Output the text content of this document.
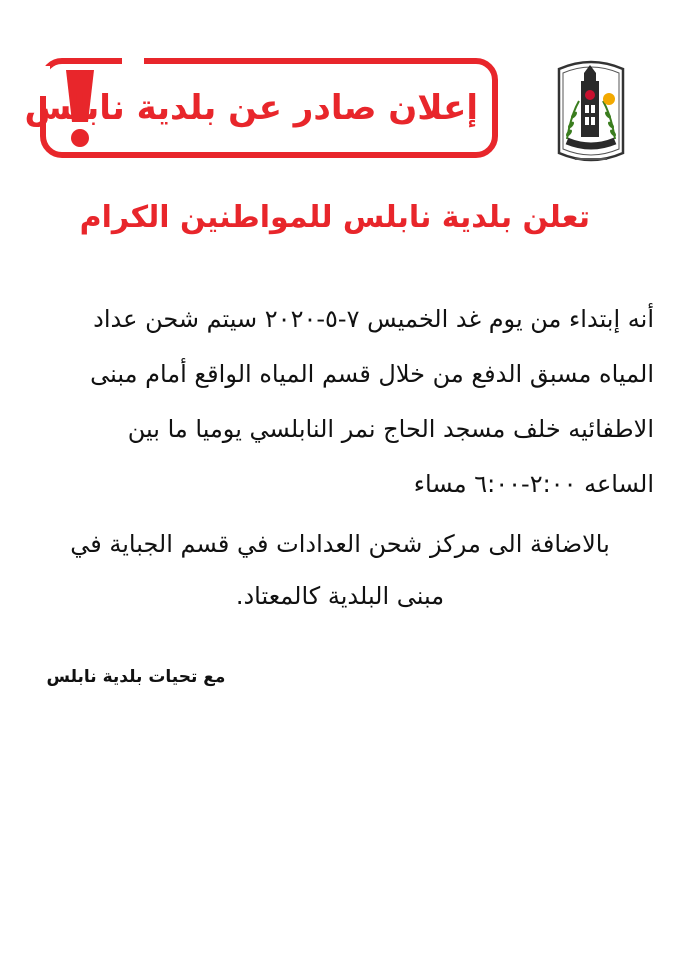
إعلان صادر عن بلدية نابلس
تعلن بلدية نابلس للمواطنين الكرام

أنه إبتداء من يوم غد الخميس ٧-٥-٢٠٢٠ سيتم شحن عداد

المياه مسبق الدفع من خلال قسم المياه الواقع أمام مبنى

الاطفائيه خلف مسجد الحاج نمر النابلسي يوميا ما بين

الساعه ٢:٠٠-٦:٠٠ مساء

بالاضافة الى مركز شحن العدادات في قسم الجباية في

مبنى البلدية كالمعتاد.

مع تحيات بلدية نابلس
